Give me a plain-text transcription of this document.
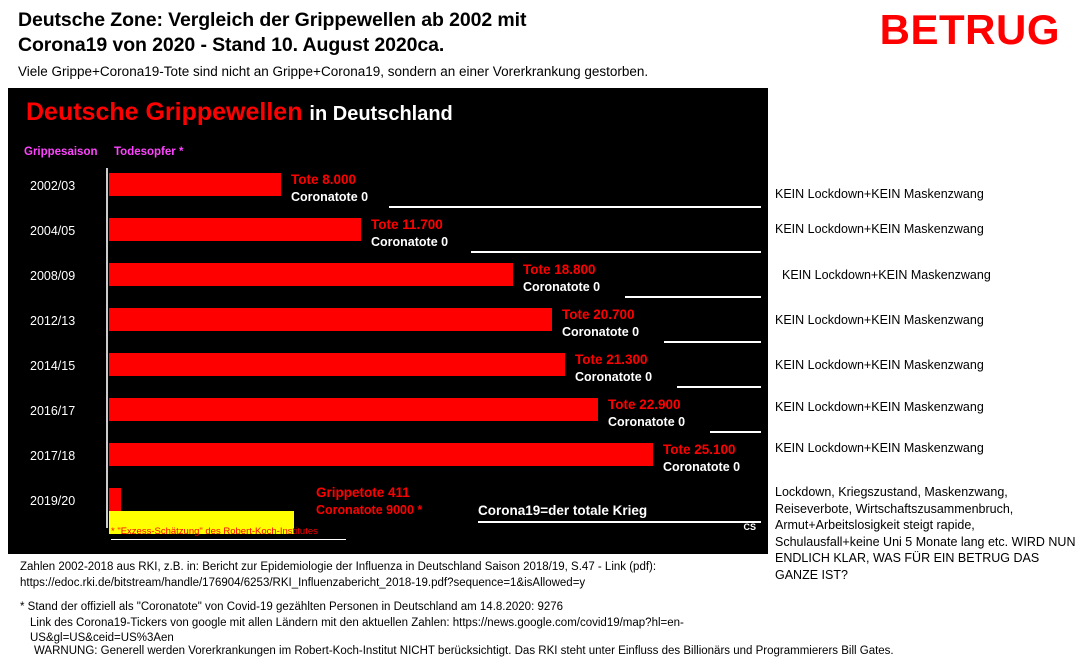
Deutsche Zone: Vergleich der Grippewellen ab 2002 mit
Corona19 von 2020 - Stand 10. August 2020ca.
Viele Grippe+Corona19-Tote sind nicht an Grippe+Corona19, sondern an einer Vorerkrankung gestorben.
BETRUG
Deutsche Grippewellen in Deutschland
Grippesaison Todesopfer *
2002/03	Tote 8.000
Coronatote 0
2004/05	Tote 11.700
Coronatote 0
2008/09	Tote 18.800
Coronatote 0
2012/13	Tote 20.700
Coronatote 0
2014/15	Tote 21.300
Coronatote 0
2016/17	Tote 22.900
Coronatote 0
2017/18	Tote 25.100
Coronatote 0
2019/20
Grippetote 411
Coronatote 9000 *	Corona19=der totale Krieg
* "Exzess-Schätzung" des Robert-Koch-Institutes	CS
KEIN Lockdown+KEIN Maskenzwang
KEIN Lockdown+KEIN Maskenzwang
KEIN Lockdown+KEIN Maskenzwang
KEIN Lockdown+KEIN Maskenzwang
KEIN Lockdown+KEIN Maskenzwang
KEIN Lockdown+KEIN Maskenzwang
KEIN Lockdown+KEIN Maskenzwang
Lockdown, Kriegszustand, Maskenzwang, Reiseverbote, Wirtschaftszusammenbruch, Armut+Arbeitslosigkeit steigt rapide, Schulausfall+keine Uni 5 Monate lang etc. WIRD NUN ENDLICH KLAR, WAS FÜR EIN BETRUG DAS GANZE IST?
Zahlen 2002-2018 aus RKI, z.B. in: Bericht zur Epidemiologie der Influenza in Deutschland Saison 2018/19, S.47 - Link (pdf):
https://edoc.rki.de/bitstream/handle/176904/6253/RKI_Influenzabericht_2018-19.pdf?sequence=1&isAllowed=y
* Stand der offiziell als "Coronatote" von Covid-19 gezählten Personen in Deutschland am 14.8.2020: 9276
Link des Corona19-Tickers von google mit allen Ländern mit den aktuellen Zahlen: https://news.google.com/covid19/map?hl=en-US&gl=US&ceid=US%3Aen
WARNUNG: Generell werden Vorerkrankungen im Robert-Koch-Institut NICHT berücksichtigt. Das RKI steht unter Einfluss des Billionärs und Programmierers Bill Gates.
